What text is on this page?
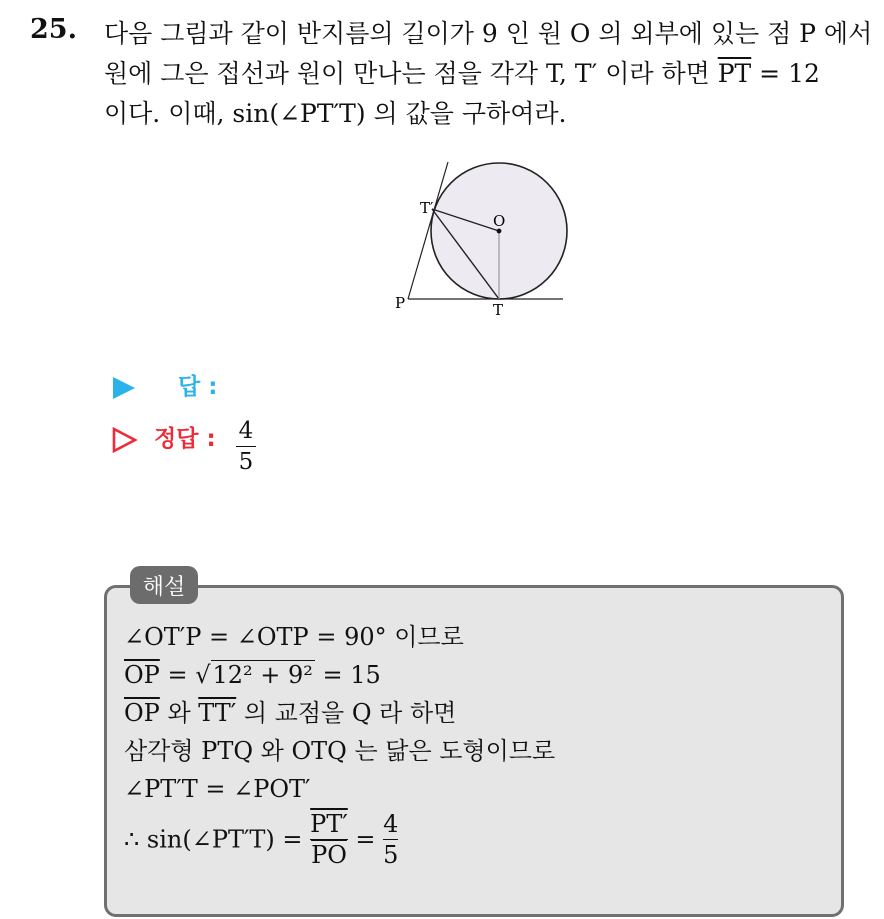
25. 다음 그림과 같이 반지름의 길이가 9 인 원 O 의 외부에 있는 점 P 에서
원에 그은 접선과 원이 만나는 점을 각각 T, T′ 이라 하면 $\overline{PT} = 12$
이다. 이때, sin(∠PT′T) 의 값을 구하여라.
T′
O
P	T
답 :
정답 : 4
5
해설
∠OT′P = ∠OTP = 90° 이므로
$\overline{OP} = √12^2 + 9^2 = 15$
$\overline{OP}$ 와 TT′ 의 교점을 Q 라 하면
삼각형 PTQ 와 OTQ 는 닮은 도형이므로
∠PT′T = ∠POT′
∴ sin(∠PT′T) = $\frac{PT'}{PO} = \frac{4}{5}$
